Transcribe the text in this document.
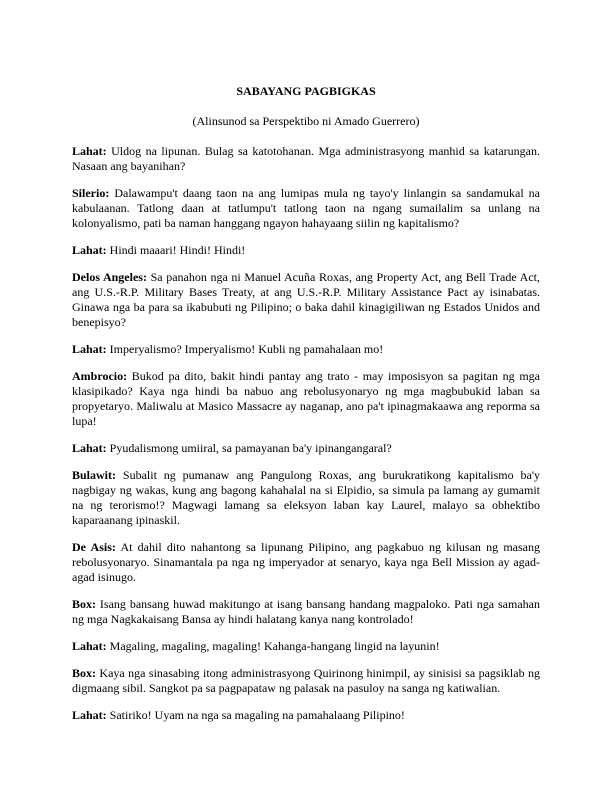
SABAYANG PAGBIGKAS
(Alinsunod sa Perspektibo ni Amado Guerrero)

Lahat: Uldog na lipunan. Bulag sa katotohanan. Mga administrasyong manhid sa katarungan. Nasaan ang bayanihan?

Silerio: Dalawampu't daang taon na ang lumipas mula ng tayo'y linlangin sa sandamukal na kabulaanan. Tatlong daan at tatlumpu't tatlong taon na ngang sumailalim sa unlang na kolonyalismo, pati ba naman hanggang ngayon hahayaang siilin ng kapitalismo?

Lahat: Hindi maaari! Hindi! Hindi!

Delos Angeles: Sa panahon nga ni Manuel Acuña Roxas, ang Property Act, ang Bell Trade Act, ang U.S.-R.P. Military Bases Treaty, at ang U.S.-R.P. Military Assistance Pact ay isinabatas. Ginawa nga ba para sa ikabubuti ng Pilipino; o baka dahil kinagigiliwan ng Estados Unidos and benepisyo?

Lahat: Imperyalismo? Imperyalismo! Kubli ng pamahalaan mo!

Ambrocio: Bukod pa dito, bakit hindi pantay ang trato - may imposisyon sa pagitan ng mga klasipikado? Kaya nga hindi ba nabuo ang rebolusyonaryo ng mga magbubukid laban sa propyetaryo. Maliwalu at Masico Massacre ay naganap, ano pa't ipinagmakaawa ang reporma sa lupa!

Lahat: Pyudalismong umiiral, sa pamayanan ba'y ipinangangaral?

Bulawit: Subalit ng pumanaw ang Pangulong Roxas, ang burukratikong kapitalismo ba'y nagbigay ng wakas, kung ang bagong kahahalal na si Elpidio, sa simula pa lamang ay gumamit na ng terorismo!? Magwagi lamang sa eleksyon laban kay Laurel, malayo sa obhektibo kaparaanang ipinaskil.

De Asis: At dahil dito nahantong sa lipunang Pilipino, ang pagkabuo ng kilusan ng masang rebolusyonaryo. Sinamantala pa nga ng imperyador at senaryo, kaya nga Bell Mission ay agad-agad isinugo.

Box: Isang bansang huwad makitungo at isang bansang handang magpaloko. Pati nga samahan ng mga Nagkakaisang Bansa ay hindi halatang kanya nang kontrolado!

Lahat: Magaling, magaling, magaling! Kahanga-hangang lingid na layunin!

Box: Kaya nga sinasabing itong administrasyong Quirinong hinimpil, ay sinisisi sa pagsiklab ng digmaang sibil. Sangkot pa sa pagpapataw ng palasak na pasuloy na sanga ng katiwalian.

Lahat: Satiriko! Uyam na nga sa magaling na pamahalaang Pilipino!
